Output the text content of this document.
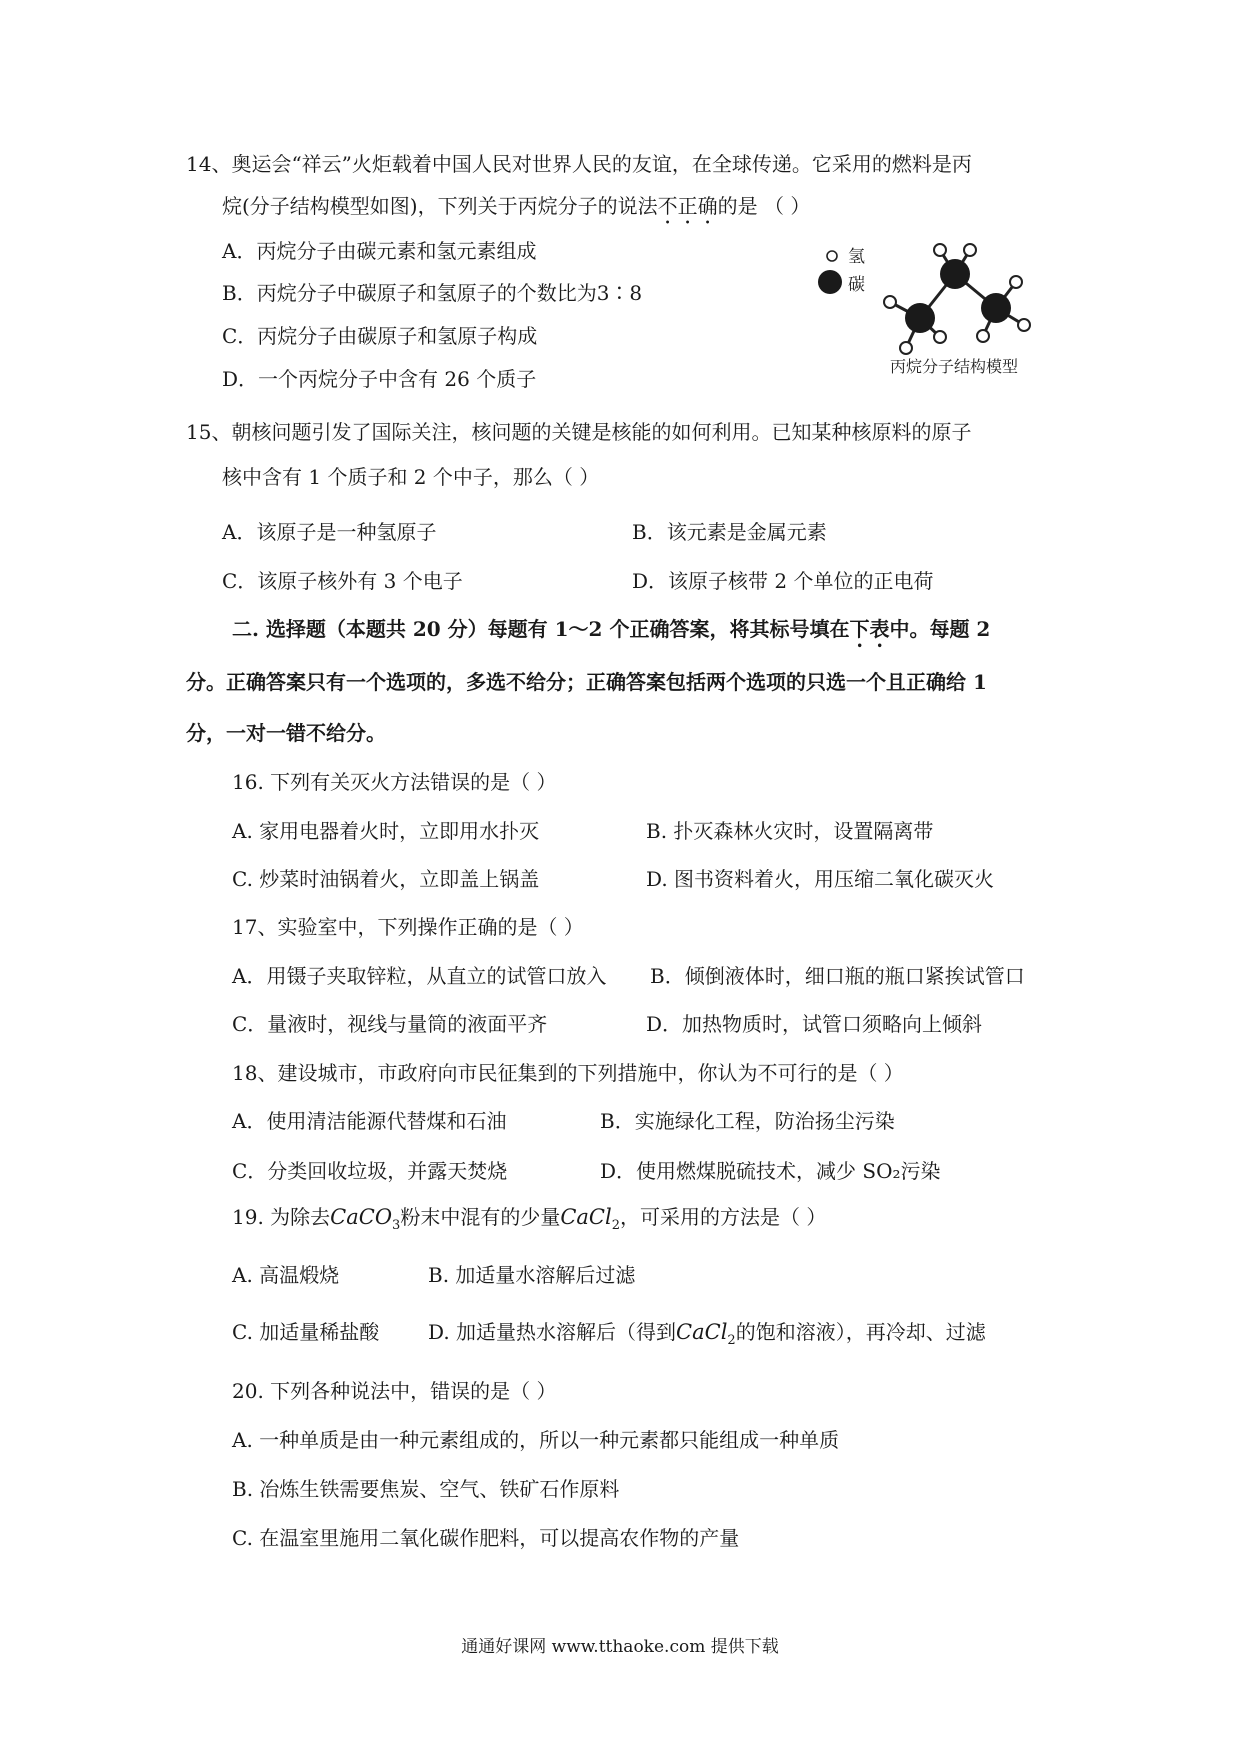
14、奥运会“祥云”火炬载着中国人民对世界人民的友谊，在全球传递。它采用的燃料是丙
烷(分子结构模型如图)，下列关于丙烷分子的说法不正确的是 （ ）
A．丙烷分子由碳元素和氢元素组成
B．丙烷分子中碳原子和氢原子的个数比为3∶8
C．丙烷分子由碳原子和氢原子构成
D．一个丙烷分子中含有 26 个质子
氢
碳
丙烷分子结构模型
15、朝核问题引发了国际关注，核问题的关键是核能的如何利用。已知某种核原料的原子
核中含有 1 个质子和 2 个中子，那么（ ）
A．该原子是一种氢原子	B．该元素是金属元素
C．该原子核外有 3 个电子	D．该原子核带 2 个单位的正电荷
二. 选择题（本题共 20 分）每题有 1～2 个正确答案，将其标号填在下表中。每题 2
分。正确答案只有一个选项的，多选不给分；正确答案包括两个选项的只选一个且正确给 1
分，一对一错不给分。
16. 下列有关灭火方法错误的是（ ）
A. 家用电器着火时，立即用水扑灭	B. 扑灭森林火灾时，设置隔离带
C. 炒菜时油锅着火，立即盖上锅盖	D. 图书资料着火，用压缩二氧化碳灭火
17、实验室中，下列操作正确的是（ ）
A．用镊子夹取锌粒，从直立的试管口放入 B．倾倒液体时，细口瓶的瓶口紧挨试管口
C．量液时，视线与量筒的液面平齐	D．加热物质时，试管口须略向上倾斜
18、建设城市，市政府向市民征集到的下列措施中，你认为不可行的是（ ）
A．使用清洁能源代替煤和石油	B．实施绿化工程，防治扬尘污染
C．分类回收垃圾，并露天焚烧	D．使用燃煤脱硫技术，减少 SO₂污染
19. 为除去CaCO$_3$粉末中混有的少量CaCl$_2$，可采用的方法是（ ）
A. 高温煅烧	B. 加适量水溶解后过滤
C. 加适量稀盐酸 D. 加适量热水溶解后（得到CaCl$_2$的饱和溶液），再冷却、过滤
20. 下列各种说法中，错误的是（ ）
A. 一种单质是由一种元素组成的，所以一种元素都只能组成一种单质
B. 冶炼生铁需要焦炭、空气、铁矿石作原料
C. 在温室里施用二氧化碳作肥料，可以提高农作物的产量
通通好课网 www.tthaoke.com 提供下载
